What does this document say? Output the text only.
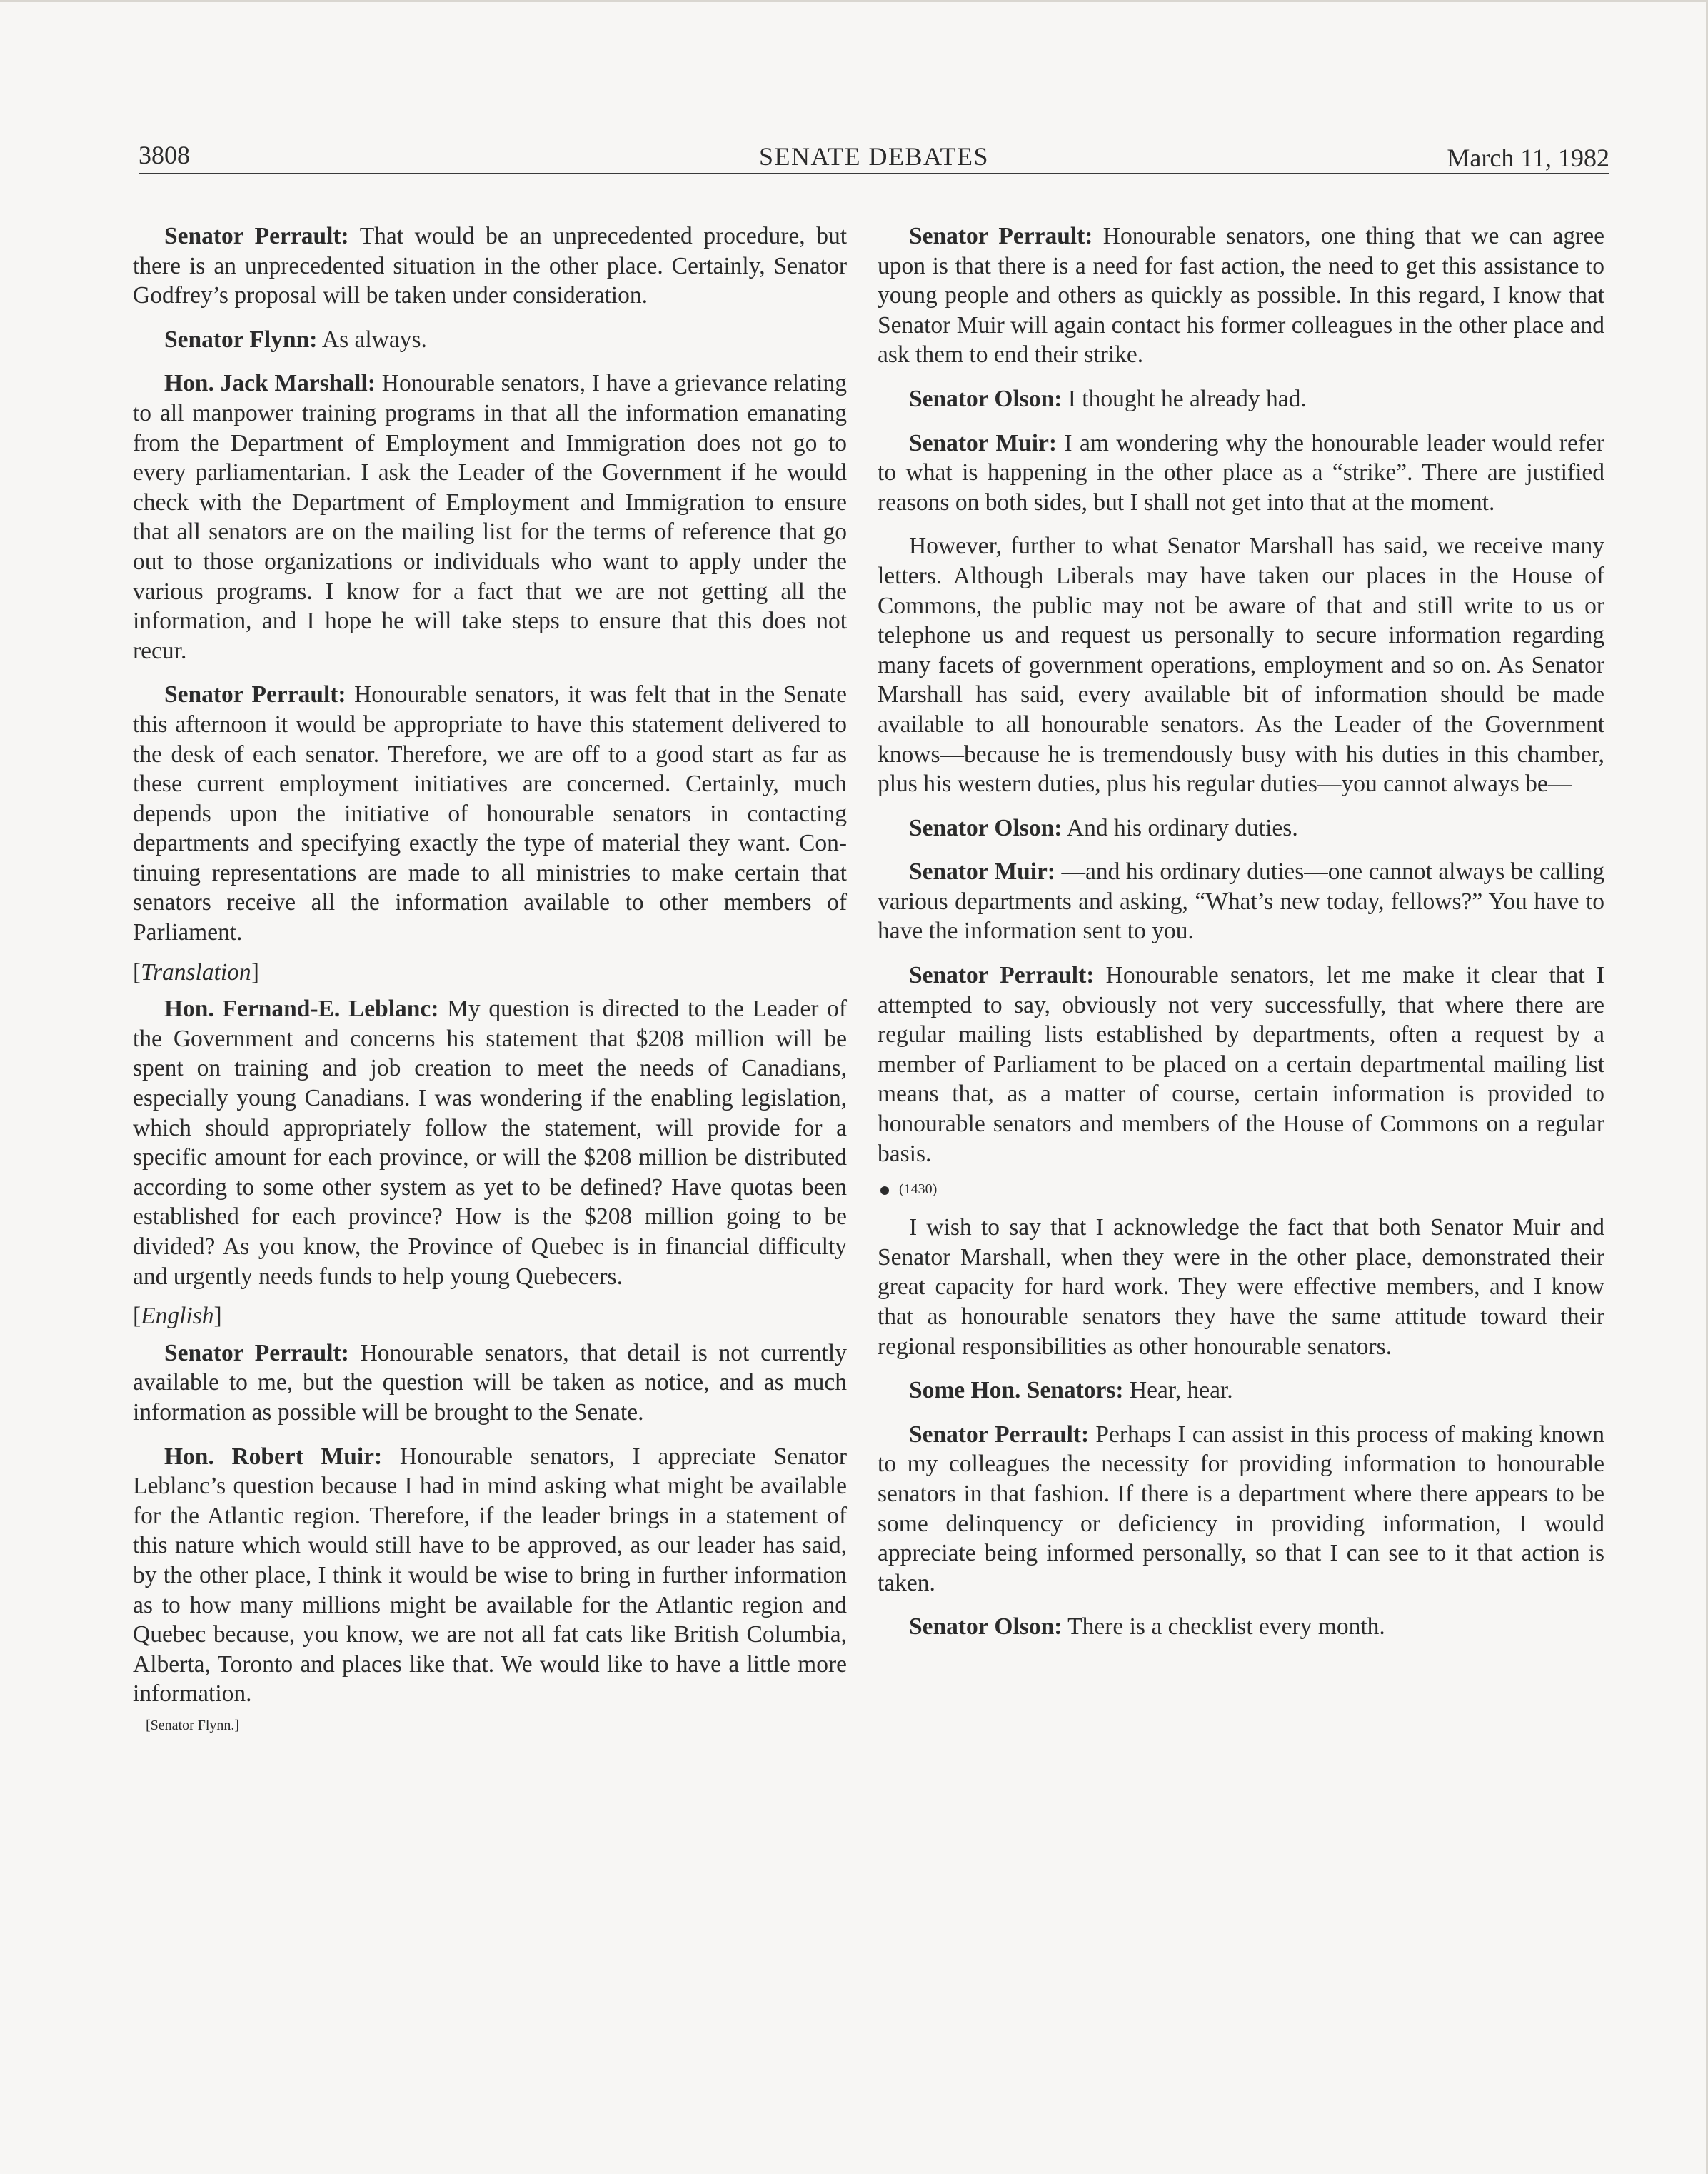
3808	SENATE DEBATES	March 11, 1982

Senator Perrault: That would be an unprecedented procedure, but there is an unprecedented situation in the other place. Certainly, Senator Godfrey’s proposal will be taken under consideration.

Senator Flynn: As always.

Hon. Jack Marshall: Honourable senators, I have a grievance relating to all manpower training programs in that all the information emanating from the Department of Employment and Immigration does not go to every parliamentarian. I ask the Leader of the Government if he would check with the Department of Employment and Immigration to ensure that all senators are on the mailing list for the terms of reference that go out to those organizations or individuals who want to apply under the various programs. I know for a fact that we are not getting all the information, and I hope he will take steps to ensure that this does not recur.

Senator Perrault: Honourable senators, it was felt that in the Senate this afternoon it would be appropriate to have this statement delivered to the desk of each senator. Therefore, we are off to a good start as far as these current employment initiatives are concerned. Certainly, much depends upon the initiative of honourable senators in contacting departments and specifying exactly the type of material they want. Continuing representations are made to all ministries to make certain that senators receive all the information available to other members of Parliament.

[Translation]

Hon. Fernand-E. Leblanc: My question is directed to the Leader of the Government and concerns his statement that $208 million will be spent on training and job creation to meet the needs of Canadians, especially young Canadians. I was wondering if the enabling legislation, which should appropriately follow the statement, will provide for a specific amount for each province, or will the $208 million be distributed according to some other system as yet to be defined? Have quotas been established for each province? How is the $208 million going to be divided? As you know, the Province of Quebec is in financial difficulty and urgently needs funds to help young Quebecers.

[English]

Senator Perrault: Honourable senators, that detail is not currently available to me, but the question will be taken as notice, and as much information as possible will be brought to the Senate.

Hon. Robert Muir: Honourable senators, I appreciate Senator Leblanc’s question because I had in mind asking what might be available for the Atlantic region. Therefore, if the leader brings in a statement of this nature which would still have to be approved, as our leader has said, by the other place, I think it would be wise to bring in further information as to how many millions might be available for the Atlantic region and Quebec because, you know, we are not all fat cats like British Columbia, Alberta, Toronto and places like that. We would like to have a little more information.

[Senator Flynn.]

Senator Perrault: Honourable senators, one thing that we can agree upon is that there is a need for fast action, the need to get this assistance to young people and others as quickly as possible. In this regard, I know that Senator Muir will again contact his former colleagues in the other place and ask them to end their strike.

Senator Olson: I thought he already had.

Senator Muir: I am wondering why the honourable leader would refer to what is happening in the other place as a “strike”. There are justified reasons on both sides, but I shall not get into that at the moment.

However, further to what Senator Marshall has said, we receive many letters. Although Liberals may have taken our places in the House of Commons, the public may not be aware of that and still write to us or telephone us and request us personally to secure information regarding many facets of government operations, employment and so on. As Senator Marshall has said, every available bit of information should be made available to all honourable senators. As the Leader of the Government knows—because he is tremendously busy with his duties in this chamber, plus his western duties, plus his regular duties—you cannot always be—

Senator Olson: And his ordinary duties.

Senator Muir: —and his ordinary duties—one cannot always be calling various departments and asking, “What’s new today, fellows?” You have to have the information sent to you.

Senator Perrault: Honourable senators, let me make it clear that I attempted to say, obviously not very successfully, that where there are regular mailing lists established by departments, often a request by a member of Parliament to be placed on a certain departmental mailing list means that, as a matter of course, certain information is provided to honourable senators and members of the House of Commons on a regular basis.

(1430)

I wish to say that I acknowledge the fact that both Senator Muir and Senator Marshall, when they were in the other place, demonstrated their great capacity for hard work. They were effective members, and I know that as honourable senators they have the same attitude toward their regional responsibilities as other honourable senators.

Some Hon. Senators: Hear, hear.

Senator Perrault: Perhaps I can assist in this process of making known to my colleagues the necessity for providing information to honourable senators in that fashion. If there is a department where there appears to be some delinquency or deficiency in providing information, I would appreciate being informed personally, so that I can see to it that action is taken.

Senator Olson: There is a checklist every month.
